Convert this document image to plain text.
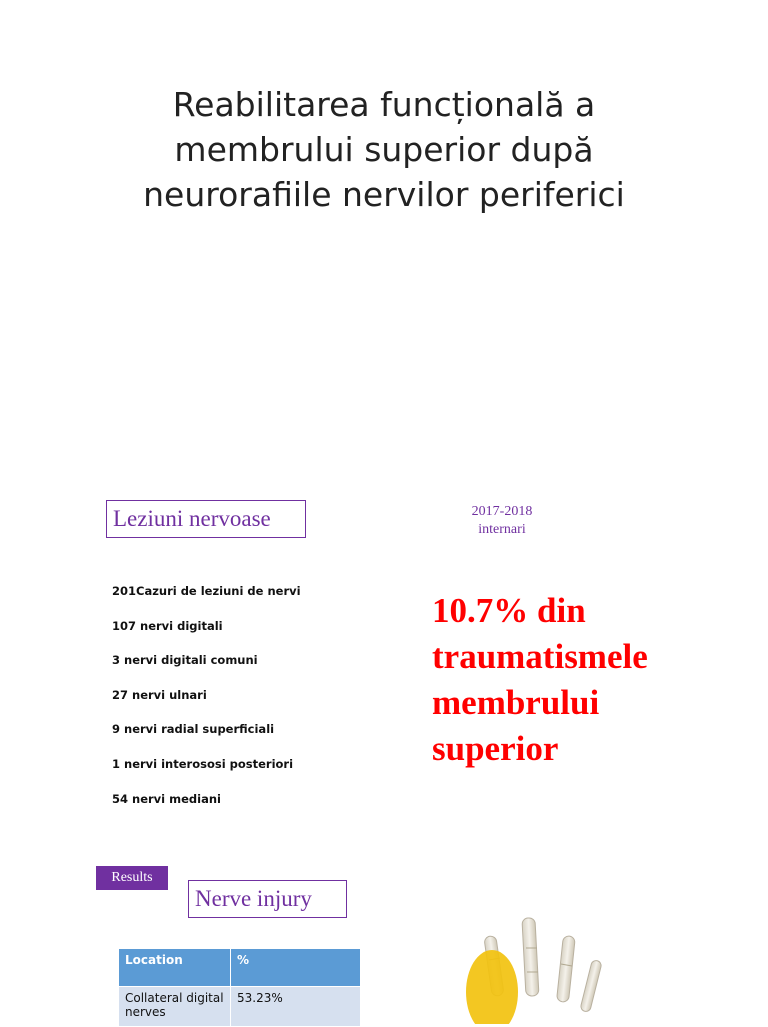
Reabilitarea funcțională a
membrului superior după
neurorafiile nervilor periferici
Leziuni nervoase	2017-2018
internari
201Cazuri de leziuni de nervi
107 nervi digitali
3 nervi digitali comuni
27 nervi ulnari
9 nervi radial superficiali
1 nervi interososi posteriori
54 nervi mediani
10.7% din
traumatismele
membrului
superior
Results
Nerve injury
Location	%
Collateral digital nerves	53.23%
